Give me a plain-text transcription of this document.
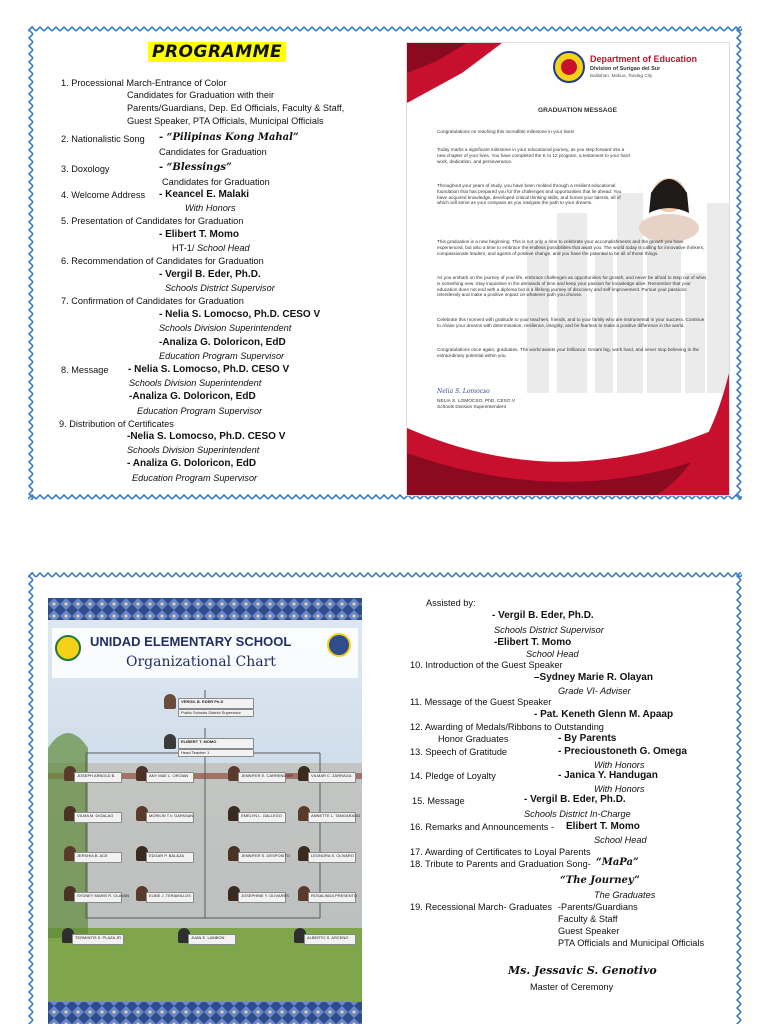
PROGRAMME
1. Processional March-Entrance of Color
Candidates for Graduation with their
Parents/Guardians, Dep. Ed Officials, Faculty & Staff,
Guest Speaker, PTA Officials, Municipal Officials
2. Nationalistic Song - “Pilipinas Kong Mahal”
Candidates for Graduation
3. Doxology	- “Blessings”
Candidates for Graduation
4. Welcome Address - Keancel E. Malaki
With Honors
5. Presentation of Candidates for Graduation
- Elibert T. Momo
HT-1/ School Head
6. Recommendation of Candidates for Graduation
- Vergil B. Eder, Ph.D.
Schools District Supervisor
7. Confirmation of Candidates for Graduation
- Nelia S. Lomocso, Ph.D. CESO V
Schools Division Superintendent
-Analiza G. Doloricon, EdD
Education Program Supervisor
8. Message - Nelia S. Lomocso, Ph.D. CESO V
Schools Division Superintendent
-Analiza G. Doloricon, EdD
Education Program Supervisor
9. Distribution of Certificates
-Nelia S. Lomocso, Ph.D. CESO V
Schools Division Superintendent
- Analiza G. Doloricon, EdD
Education Program Supervisor
Department of Education
Division of Surigao del Sur
Balilahan, Mabua, Tandag City
GRADUATION MESSAGE
Congratulations on reaching this incredible milestone in your lives!
Today marks a significant milestone in your educational journey, as you step forward into a new chapter of your lives. You have completed the K to 12 program, a testament to your hard work, dedication, and perseverance.
Throughout your years of study, you have been molded through a resilient educational foundation that has prepared you for the challenges and opportunities that lie ahead. You have acquired knowledge, developed critical thinking skills, and honed your talents, all of which will serve as your compass as you navigate the path to your dreams.
This graduation is a new beginning. This is not only a time to celebrate your accomplishments and the growth you have experienced, but also a time to embrace the endless possibilities that await you. The world today is calling for innovative thinkers, compassionate leaders, and agents of positive change, and you have the potential to be all of those things.
As you embark on the journey of your life, embrace challenges as opportunities for growth, and never be afraid to step out of what is something new. Stay inquisitive in the demands of time and keep your passion for knowledge alive. Remember that your education does not end with a diploma but is a lifelong journey of discovery and self-improvement. Pursue your passions relentlessly and make a positive impact on whatever path you choose.
Celebrate this moment with gratitude to your teachers, friends, and to your family who are instrumental in your success. Continue to chase your dreams with determination, resilience, integrity, and be fearless to make a positive difference in the world.
Congratulations once again, graduates. The world awaits your brilliance. Dream big, work hard, and never stop believing in the extraordinary potential within you.
Nelia S. Lomocso
NELIA S. LOMOCSO, PhD, CESO V
Schools Division Superintendent
UNIDAD ELEMENTARY SCHOOL
Organizational Chart
VERGIL B. EDER Ph.D
Public Schools District Supervisor
ELIBERT T. MOMO
Head Teacher 1
JOSEPH ARNOLD B.	ANY MAE L. OROIAN	JENNIFER E. CARRENDIER	VILMAR C. ZARRAGA
VILMA M. DIGALAO	MORILIN T.V. DAPASAN	EMELYN L. GALLEGO	ANNETTE L. TANGARADO
JERSHIA B. ACE	EDGAR P. BALAZA	JENNIFER S. DESPOSITO	LEONORA S. OLIVARO
SYDNEY MARIE R. OLAYAN	ELBIE J. TERAMILLOS	JOSEPHINE Y. OLIVARES	ROSALINDA PRESENTO
TERMINTIS S. PLAZA JR.	JUAN E. LAMBON	ALBERTO S. ARCENO
Assisted by:
- Vergil B. Eder, Ph.D.
Schools District Supervisor
-Elibert T. Momo
School Head
10. Introduction of the Guest Speaker
–Sydney Marie R. Olayan
Grade VI- Adviser
11. Message of the Guest Speaker
- Pat. Keneth Glenn M. Apaap
12. Awarding of Medals/Ribbons to Outstanding
Honor Graduates	- By Parents
13. Speech of Gratitude	- Precioustoneth G. Omega
With Honors
14. Pledge of Loyalty	- Janica Y. Handugan
With Honors
15. Message	- Vergil B. Eder, Ph.D.
Schools District In-Charge
16. Remarks and Announcements - Elibert T. Momo
School Head
17. Awarding of Certificates to Loyal Parents
18. Tribute to Parents and Graduation Song- “MaPa”
“The Journey”
The Graduates
19. Recessional March- Graduates -Parents/Guardians
Faculty & Staff
Guest Speaker
PTA Officials and Municipal Officials
Ms. Jessavic S. Genotivo
Master of Ceremony
